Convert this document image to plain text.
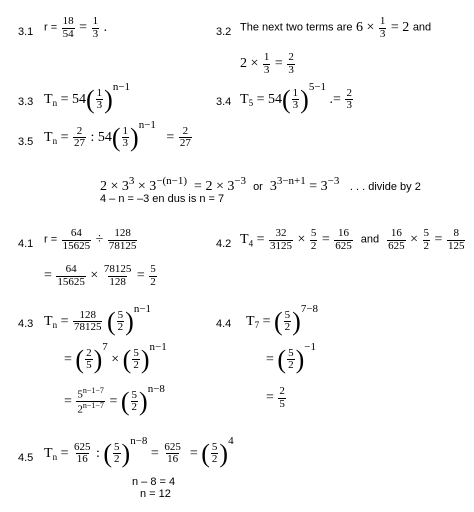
3.1 $r = \frac{18}{54} = \frac{1}{3}$ .	3.2 The next two terms are $6 \times \frac{1}{3} = 2$ and
$2 \times \frac{1}{3} = \frac{2}{3}$
3.3 $T_n = 54( \frac{1}{3} )^{n-1}$
3.4 $T_5 = 54( \frac{1}{3} )^{5-1}$ .= $\frac{2}{3}$
3.5 $T_n = \frac{2}{27}$ : $54( \frac{1}{3} )^{n-1} = \frac{2}{27}$
$2 \times 3^3 \times 3^{-(n-1)} = 2 \times 3^{-3}$ or $3^{3-n+1} = 3^{-3}$ . . . divide by 2
4 – n = –3 en dus is n = 7
4.1 $r = \frac{64}{15625} \div \frac{128}{78125}$
= $\frac{64}{15625} \times \frac{78125}{128} = \frac{5}{2}$
4.2 $T_4 = \frac{32}{3125} \times \frac{5}{2} = \frac{16}{625}$ and $\frac{16}{625} \times \frac{5}{2} = \frac{8}{125}$
4.3 $T_n = \frac{128}{78125}$ ( $\frac{5}{2} )^{n-1}$
= ( $\frac{2}{5} )^7$ × ( $\frac{5}{2} )^{n-1}$
= $\frac{5^{n-1-7}}{2^{n-1-7}}$ = ( $\frac{5}{2} )^{n-8}$
4.4 $T_7$ = ( $\frac{5}{2} )^{7-8}$
= ( $\frac{5}{2} )^{-1}$
= $\frac{2}{5}$
4.5 $T_n = \frac{625}{16}$ : ( $\frac{5}{2} )^{n-8} = \frac{625}{16}$ = ( $\frac{5}{2} )^4$
n – 8 = 4
n = 12
